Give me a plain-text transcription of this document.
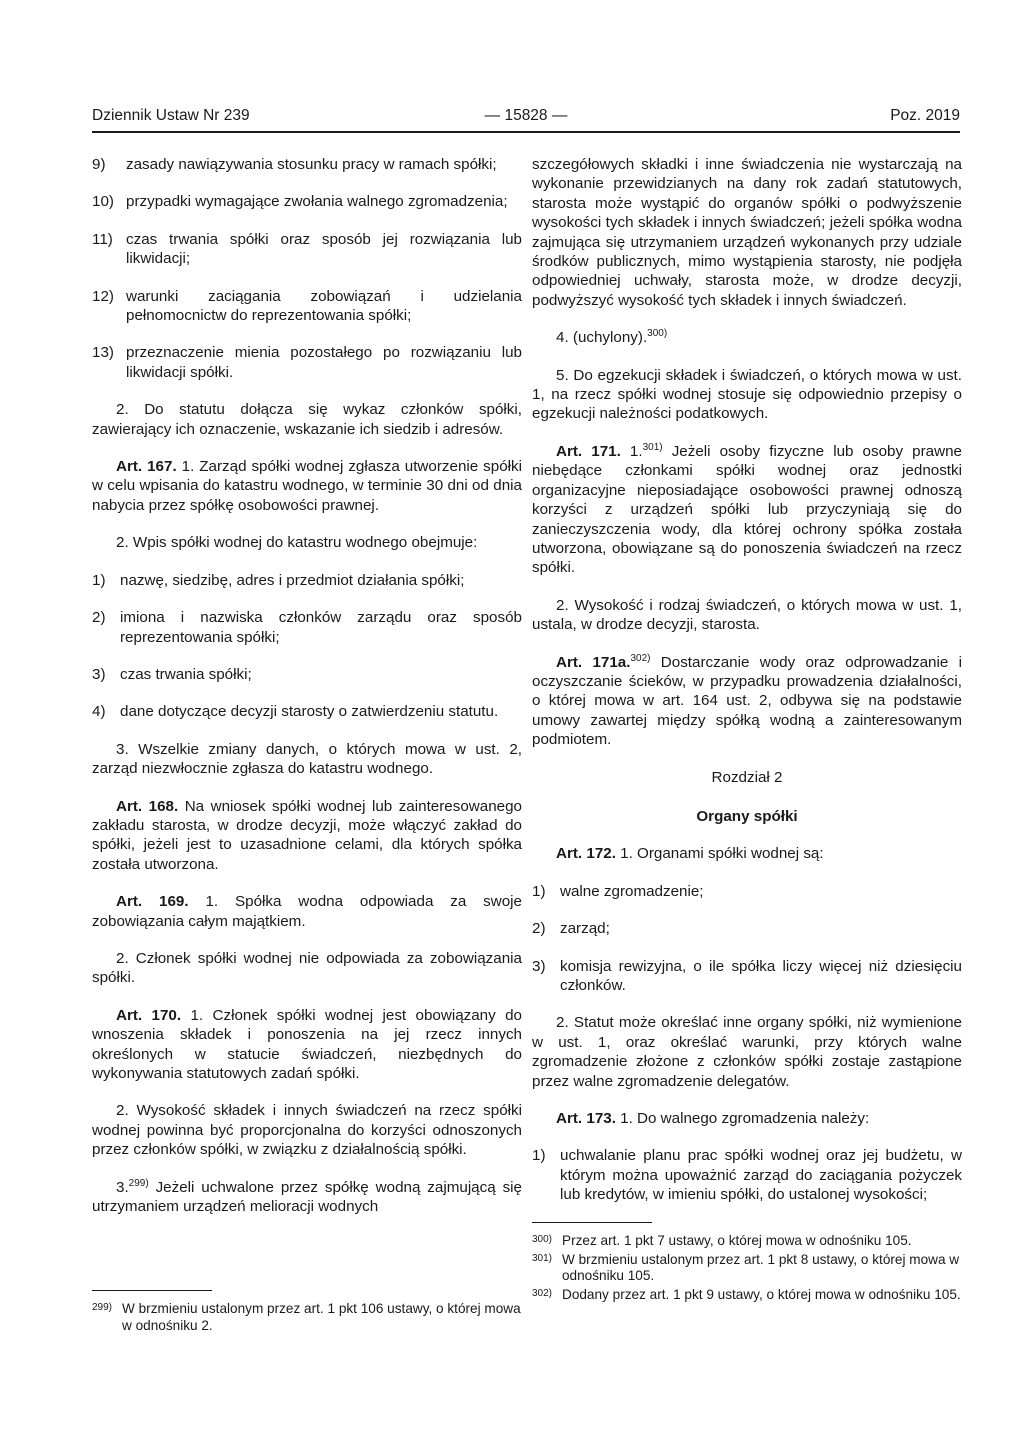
Dziennik Ustaw Nr 239	— 15828 —	Poz. 2019
9)	zasady nawiązywania stosunku pracy w ramach spółki;
10) przypadki wymagające zwołania walnego zgromadzenia;
11) czas trwania spółki oraz sposób jej rozwiązania lub likwidacji;
12) warunki zaciągania zobowiązań i udzielania pełnomocnictw do reprezentowania spółki;
13) przeznaczenie mienia pozostałego po rozwiązaniu lub likwidacji spółki.

2. Do statutu dołącza się wykaz członków spółki, zawierający ich oznaczenie, wskazanie ich siedzib i adresów.

Art. 167. 1. Zarząd spółki wodnej zgłasza utworzenie spółki w celu wpisania do katastru wodnego, w terminie 30 dni od dnia nabycia przez spółkę osobowości prawnej.

2. Wpis spółki wodnej do katastru wodnego obejmuje:

1) nazwę, siedzibę, adres i przedmiot działania spółki;
2) imiona i nazwiska członków zarządu oraz sposób reprezentowania spółki;
3) czas trwania spółki;
4) dane dotyczące decyzji starosty o zatwierdzeniu statutu.

3. Wszelkie zmiany danych, o których mowa w ust. 2, zarząd niezwłocznie zgłasza do katastru wodnego.

Art. 168. Na wniosek spółki wodnej lub zainteresowanego zakładu starosta, w drodze decyzji, może włączyć zakład do spółki, jeżeli jest to uzasadnione celami, dla których spółka została utworzona.

Art. 169. 1. Spółka wodna odpowiada za swoje zobowiązania całym majątkiem.

2. Członek spółki wodnej nie odpowiada za zobowiązania spółki.

Art. 170. 1. Członek spółki wodnej jest obowiązany do wnoszenia składek i ponoszenia na jej rzecz innych określonych w statucie świadczeń, niezbędnych do wykonywania statutowych zadań spółki.

2. Wysokość składek i innych świadczeń na rzecz spółki wodnej powinna być proporcjonalna do korzyści odnoszonych przez członków spółki, w związku z działalnością spółki.

3.$^{299)}$ Jeżeli uchwalone przez spółkę wodną zajmującą się utrzymaniem urządzeń melioracji wodnych

299) W brzmieniu ustalonym przez art. 1 pkt 106 ustawy, o której mowa w odnośniku 2.

szczegółowych składki i inne świadczenia nie wystarczają na wykonanie przewidzianych na dany rok zadań statutowych, starosta może wystąpić do organów spółki o podwyższenie wysokości tych składek i innych świadczeń; jeżeli spółka wodna zajmująca się utrzymaniem urządzeń wykonanych przy udziale środków publicznych, mimo wystąpienia starosty, nie podjęła odpowiedniej uchwały, starosta może, w drodze decyzji, podwyższyć wysokość tych składek i innych świadczeń.

4. (uchylony).$^{300)}$

5. Do egzekucji składek i świadczeń, o których mowa w ust. 1, na rzecz spółki wodnej stosuje się odpowiednio przepisy o egzekucji należności podatkowych.

Art. 171. 1.$^{301)}$ Jeżeli osoby fizyczne lub osoby prawne niebędące członkami spółki wodnej oraz jednostki organizacyjne nieposiadające osobowości prawnej odnoszą korzyści z urządzeń spółki lub przyczyniają się do zanieczyszczenia wody, dla której ochrony spółka została utworzona, obowiązane są do ponoszenia świadczeń na rzecz spółki.

2. Wysokość i rodzaj świadczeń, o których mowa w ust. 1, ustala, w drodze decyzji, starosta.

Art. 171a.$^{302)}$ Dostarczanie wody oraz odprowadzanie i oczyszczanie ścieków, w przypadku prowadzenia działalności, o której mowa w art. 164 ust. 2, odbywa się na podstawie umowy zawartej między spółką wodną a zainteresowanym podmiotem.

Rozdział 2
Organy spółki

Art. 172. 1. Organami spółki wodnej są:

1) walne zgromadzenie;
2) zarząd;
3) komisja rewizyjna, o ile spółka liczy więcej niż dziesięciu członków.

2. Statut może określać inne organy spółki, niż wymienione w ust. 1, oraz określać warunki, przy których walne zgromadzenie złożone z członków spółki zostaje zastąpione przez walne zgromadzenie delegatów.

Art. 173. 1. Do walnego zgromadzenia należy:

1) uchwalanie planu prac spółki wodnej oraz jej budżetu, w którym można upoważnić zarząd do zaciągania pożyczek lub kredytów, w imieniu spółki, do ustalonej wysokości;
300) Przez art. 1 pkt 7 ustawy, o której mowa w odnośniku 105.
301) W brzmieniu ustalonym przez art. 1 pkt 8 ustawy, o której mowa w odnośniku 105.
302) Dodany przez art. 1 pkt 9 ustawy, o której mowa w odnośniku 105.
